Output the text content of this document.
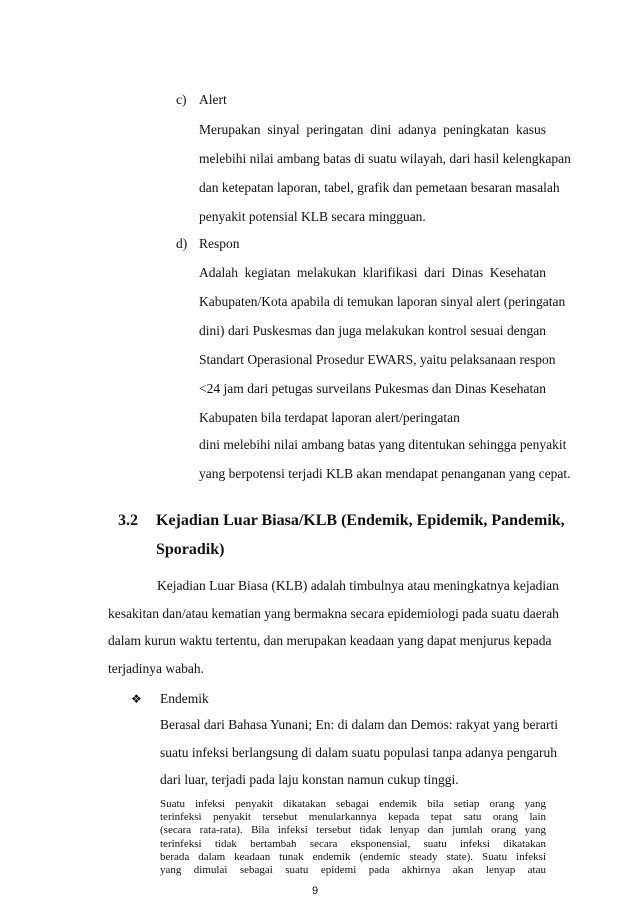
c) Alert

Merupakan sinyal peringatan dini adanya peningkatan kasus

melebihi nilai ambang batas di suatu wilayah, dari hasil kelengkapan

dan ketepatan laporan, tabel, grafik dan pemetaan besaran masalah

penyakit potensial KLB secara mingguan.

d) Respon

Adalah kegiatan melakukan klarifikasi dari Dinas Kesehatan

Kabupaten/Kota apabila di temukan laporan sinyal alert (peringatan

dini) dari Puskesmas dan juga melakukan kontrol sesuai dengan

Standart Operasional Prosedur EWARS, yaitu pelaksanaan respon

<24 jam dari petugas surveilans Pukesmas dan Dinas Kesehatan

Kabupaten bila terdapat laporan alert/peringatan

dini melebihi nilai ambang batas yang ditentukan sehingga penyakit

yang berpotensi terjadi KLB akan mendapat penanganan yang cepat.

3.2 Kejadian Luar Biasa/KLB (Endemik, Epidemik, Pandemik,
Sporadik)

Kejadian Luar Biasa (KLB) adalah timbulnya atau meningkatnya kejadian

kesakitan dan/atau kematian yang bermakna secara epidemiologi pada suatu daerah

dalam kurun waktu tertentu, dan merupakan keadaan yang dapat menjurus kepada

terjadinya wabah.

❖ Endemik

Berasal dari Bahasa Yunani; En: di dalam dan Demos: rakyat yang berarti

suatu infeksi berlangsung di dalam suatu populasi tanpa adanya pengaruh

dari luar, terjadi pada laju konstan namun cukup tinggi.

9

Suatu infeksi penyakit dikatakan sebagai endemik bila setiap orang yang

terinfeksi penyakit tersebut menularkannya kepada tepat satu orang lain

(secara rata-rata). Bila infeksi tersebut tidak lenyap dan jumlah orang yang

terinfeksi tidak bertambah secara eksponensial, suatu infeksi dikatakan

berada dalam keadaan tunak endemik (endemic steady state). Suatu infeksi

yang dimulai sebagai suatu epidemi pada akhirnya akan lenyap atau
